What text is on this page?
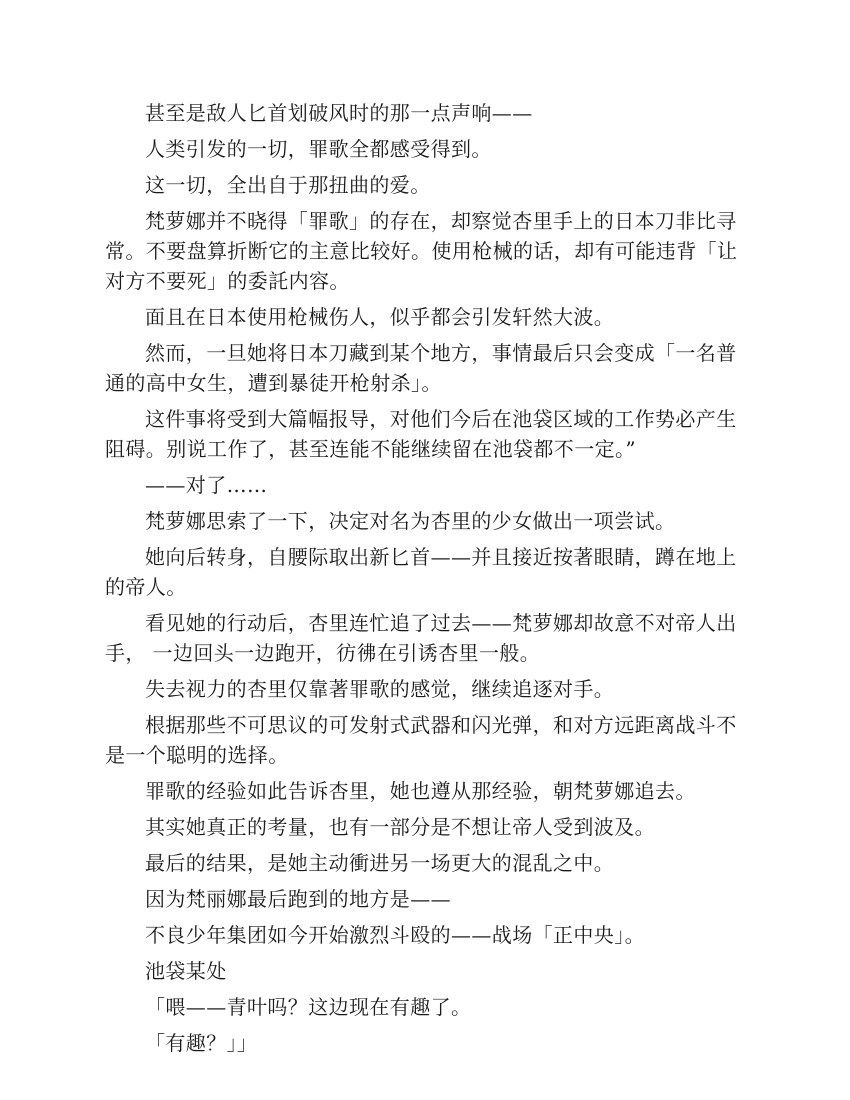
甚至是敌人匕首划破风时的那一点声响——

人类引发的一切，罪歌全都感受得到。

这一切，全出自于那扭曲的爱。

梵萝娜并不晓得「罪歌」的存在，却察觉杏里手上的日本刀非比寻常。不要盘算折断它的主意比较好。使用枪械的话，却有可能违背「让对方不要死」的委託内容。

面且在日本使用枪械伤人，似乎都会引发轩然大波。

然而，一旦她将日本刀藏到某个地方，事情最后只会变成「一名普通的高中女生，遭到暴徒开枪射杀」。

这件事将受到大篇幅报导，对他们今后在池袋区域的工作势必产生阻碍。别说工作了，甚至连能不能继续留在池袋都不一定。”

——对了……

梵萝娜思索了一下，决定对名为杏里的少女做出一项尝试。

她向后转身，自腰际取出新匕首——并且接近按著眼睛，蹲在地上的帝人。

看见她的行动后，杏里连忙追了过去——梵萝娜却故意不对帝人出手， 一边回头一边跑开，彷彿在引诱杏里一般。

失去视力的杏里仅靠著罪歌的感觉，继续追逐对手。

根据那些不可思议的可发射式武器和闪光弹，和对方远距离战斗不是一个聪明的选择。

罪歌的经验如此告诉杏里，她也遵从那经验，朝梵萝娜追去。

其实她真正的考量，也有一部分是不想让帝人受到波及。

最后的结果，是她主动衝进另一场更大的混乱之中。

因为梵丽娜最后跑到的地方是——

不良少年集团如今开始激烈斗殴的——战场「正中央」。

池袋某处

「喂——青叶吗？这边现在有趣了。

「有趣？」」
